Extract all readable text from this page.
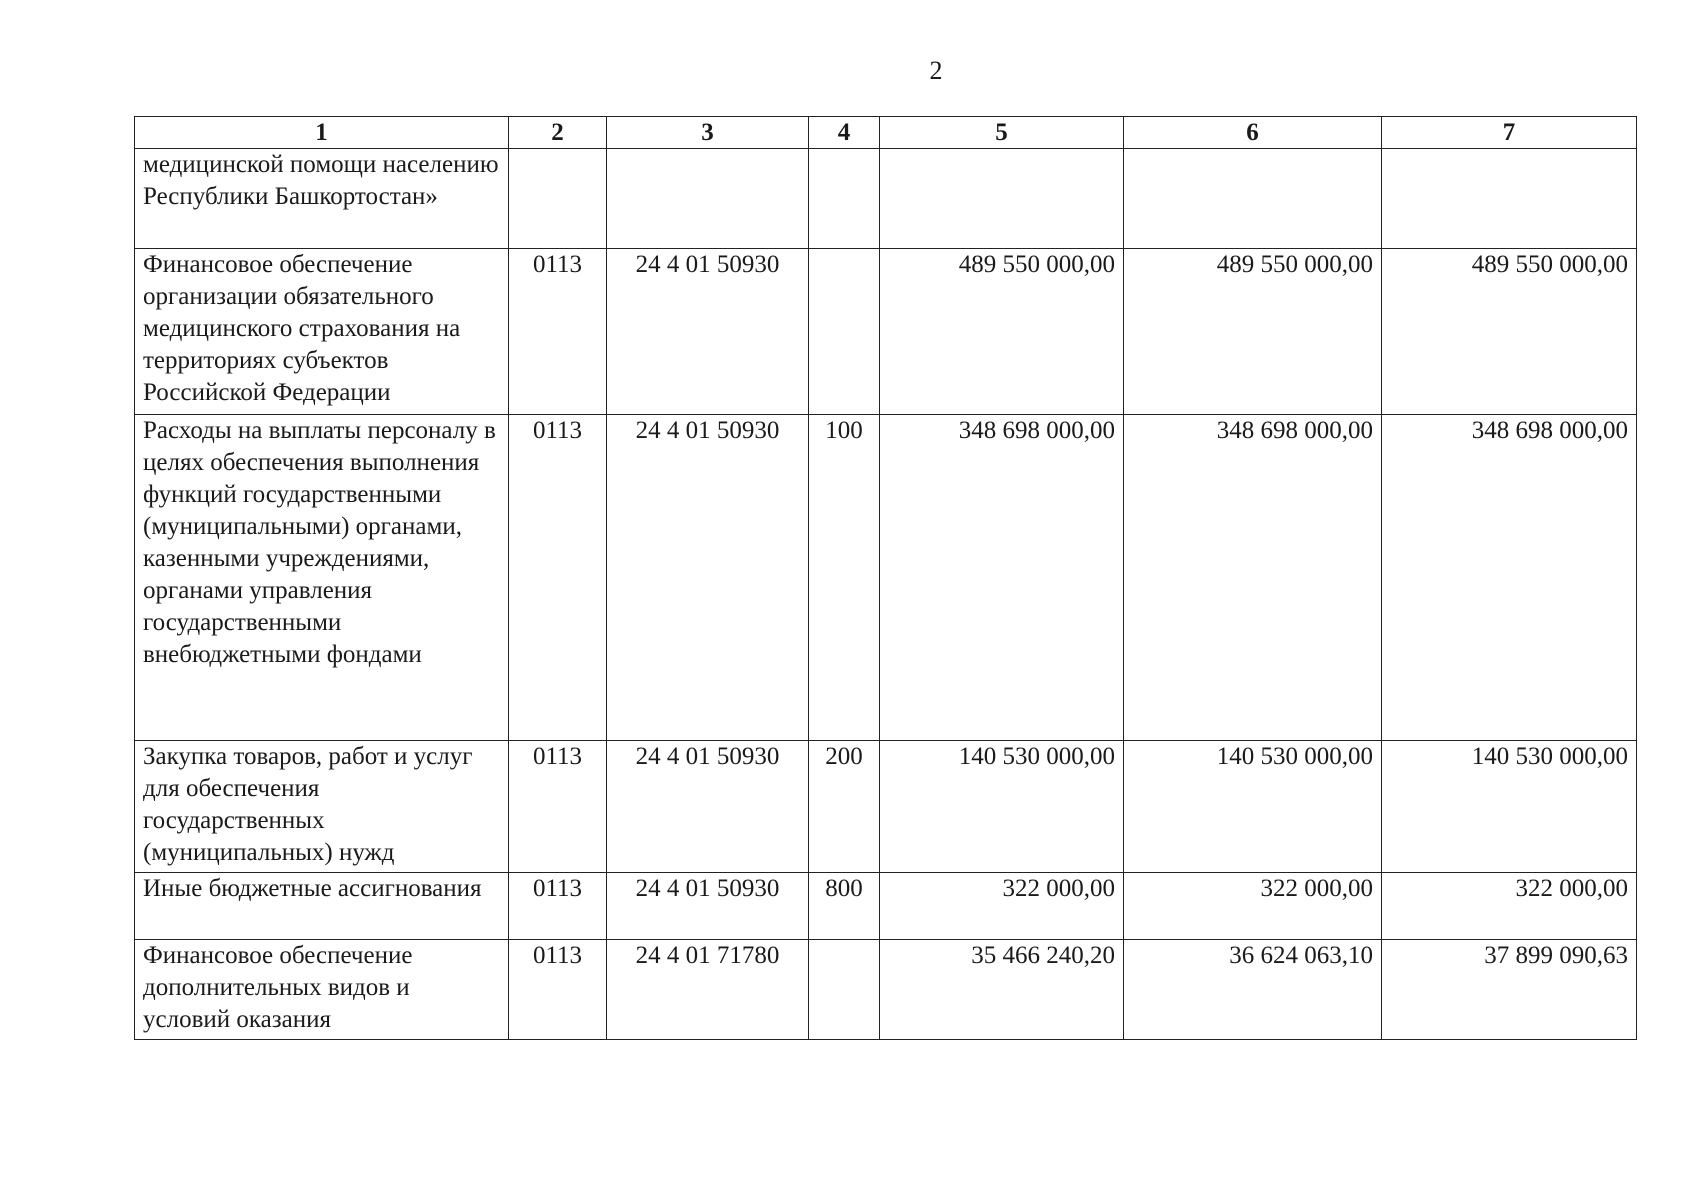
2
1	2	3	4	5	6	7
медицинской помощи населению Республики Башкортостан»						
Финансовое обеспечение организации обязательного медицинского страхования на территориях субъектов Российской Федерации	0113	24 4 01 50930		489 550 000,00	489 550 000,00	489 550 000,00
Расходы на выплаты персоналу в целях обеспечения выполнения функций государственными (муниципальными) органами, казенными учреждениями, органами управления государственными внебюджетными фондами	0113	24 4 01 50930	100	348 698 000,00	348 698 000,00	348 698 000,00
Закупка товаров, работ и услуг для обеспечения государственных (муниципальных) нужд	0113	24 4 01 50930	200	140 530 000,00	140 530 000,00	140 530 000,00
Иные бюджетные ассигнования	0113	24 4 01 50930	800	322 000,00	322 000,00	322 000,00
Финансовое обеспечение дополнительных видов и условий оказания	0113	24 4 01 71780		35 466 240,20	36 624 063,10	37 899 090,63
